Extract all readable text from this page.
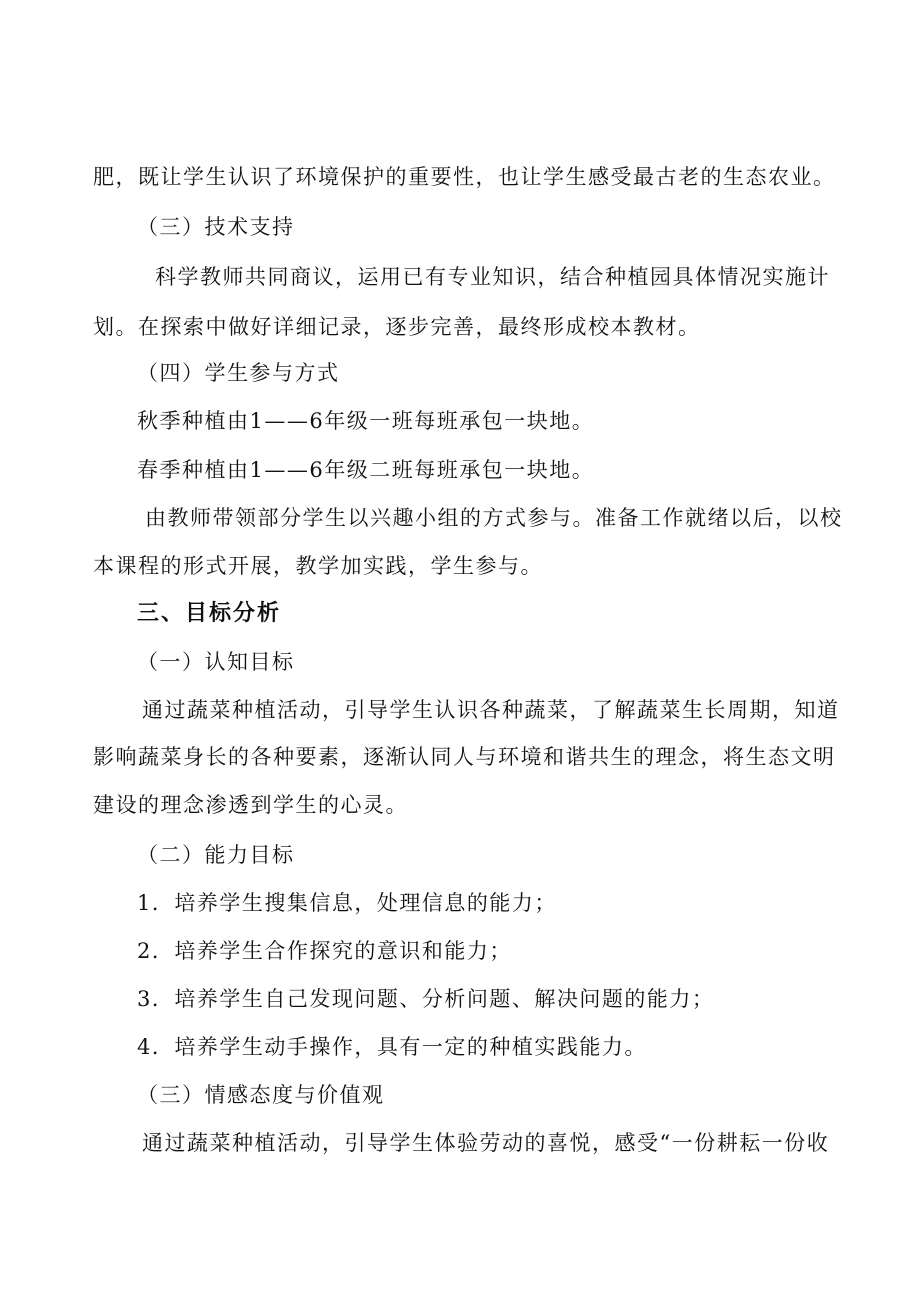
肥，既让学生认识了环境保护的重要性，也让学生感受最古老的生态农业。
（三）技术支持
科学教师共同商议，运用已有专业知识，结合种植园具体情况实施计
划。在探索中做好详细记录，逐步完善，最终形成校本教材。
（四）学生参与方式
秋季种植由1——6年级一班每班承包一块地。
春季种植由1——6年级二班每班承包一块地。
由教师带领部分学生以兴趣小组的方式参与。准备工作就绪以后，以校
本课程的形式开展，教学加实践，学生参与。
三、目标分析
（一）认知目标
通过蔬菜种植活动，引导学生认识各种蔬菜，了解蔬菜生长周期，知道
影响蔬菜身长的各种要素，逐渐认同人与环境和谐共生的理念，将生态文明
建设的理念渗透到学生的心灵。
（二）能力目标
1．培养学生搜集信息，处理信息的能力；
2．培养学生合作探究的意识和能力；
3．培养学生自己发现问题、分析问题、解决问题的能力；
4．培养学生动手操作，具有一定的种植实践能力。
（三）情感态度与价值观
通过蔬菜种植活动，引导学生体验劳动的喜悦，感受“一份耕耘一份收
